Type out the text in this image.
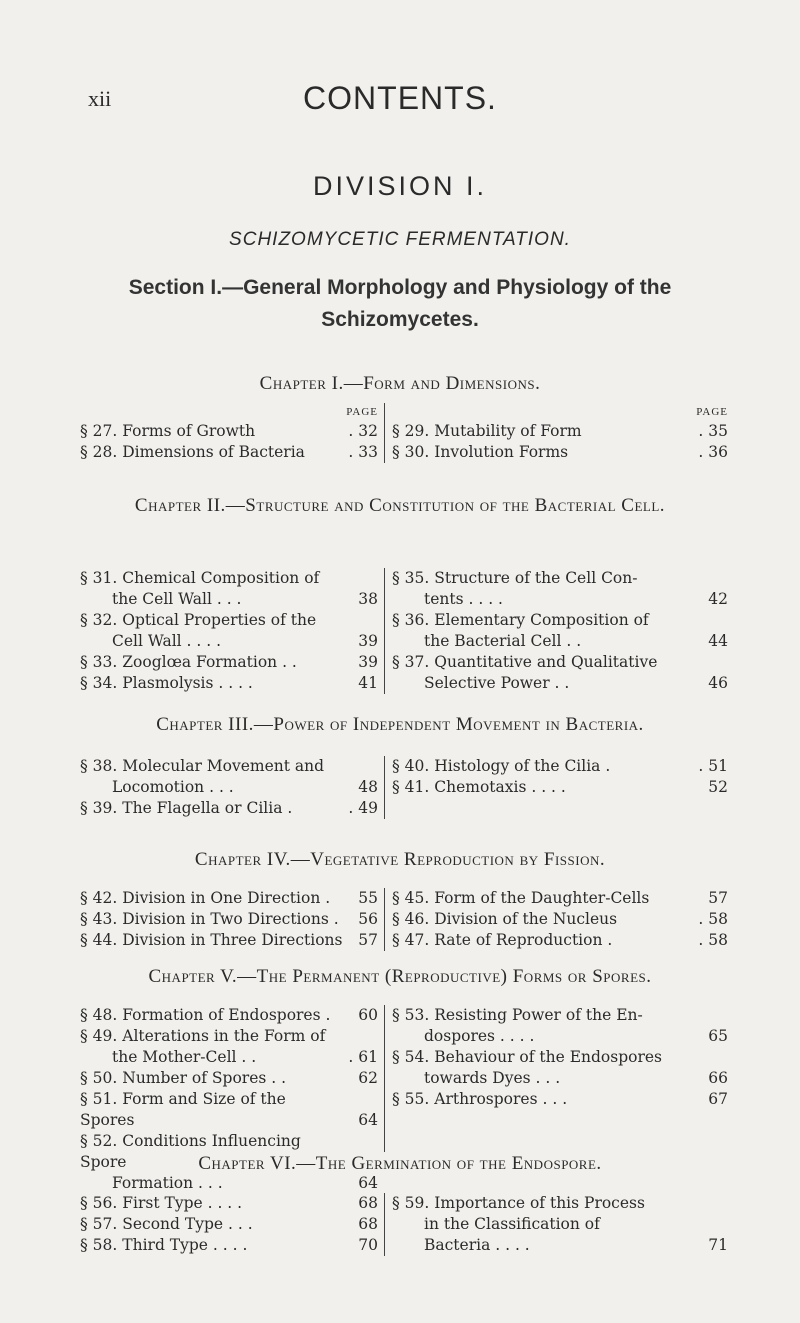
xii	CONTENTS.
DIVISION I.
SCHIZOMYCETIC FERMENTATION.
Section I.—General Morphology and Physiology of the Schizomycetes.
Chapter I.—Form and Dimensions.
PAGE
§ 27. Forms of Growth	. 32
§ 28. Dimensions of Bacteria	. 33
PAGE
§ 29. Mutability of Form	. 35
§ 30. Involution Forms	. 36
Chapter II.—Structure and Constitution of the Bacterial Cell.
§ 31. Chemical Composition of
the Cell Wall . . .	38
§ 32. Optical Properties of the
Cell Wall . . . .	39
§ 33. Zooglœa Formation . .	39
§ 34. Plasmolysis . . . .	41
§ 35. Structure of the Cell Con-
tents . . . .	42
§ 36. Elementary Composition of
the Bacterial Cell . .	44
§ 37. Quantitative and Qualitative
Selective Power . .	46
Chapter III.—Power of Independent Movement in Bacteria.
§ 38. Molecular Movement and
Locomotion . . .	48
§ 39. The Flagella or Cilia .	. 49
§ 40. Histology of the Cilia .	. 51
§ 41. Chemotaxis . . . .	52
Chapter IV.—Vegetative Reproduction by Fission.
§ 42. Division in One Direction .	55
§ 43. Division in Two Directions .	56
§ 44. Division in Three Directions	57
§ 45. Form of the Daughter-Cells	57
§ 46. Division of the Nucleus	. 58
§ 47. Rate of Reproduction .	. 58
Chapter V.—The Permanent (Reproductive) Forms or Spores.
§ 48. Formation of Endospores .	60
§ 49. Alterations in the Form of
the Mother-Cell . .	. 61
§ 50. Number of Spores . .	62
§ 51. Form and Size of the Spores	64
§ 52. Conditions Influencing Spore
Formation . . .	64
§ 53. Resisting Power of the En-
dospores . . . .	65
§ 54. Behaviour of the Endospores
towards Dyes . . .	66
§ 55. Arthrospores . . .	67
Chapter VI.—The Germination of the Endospore.
§ 56. First Type . . . .	68
§ 57. Second Type . . .	68
§ 58. Third Type . . . .	70
§ 59. Importance of this Process
in the Classification of
Bacteria . . . .	71
